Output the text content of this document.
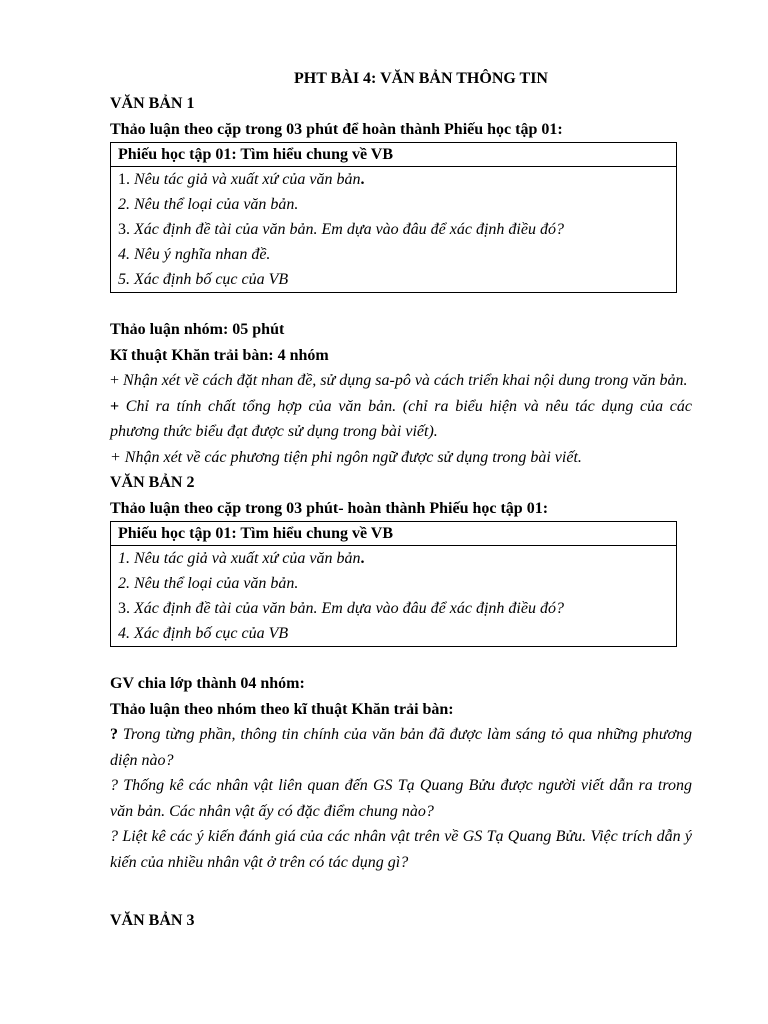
PHT BÀI 4: VĂN BẢN THÔNG TIN

VĂN BẢN 1

Thảo luận theo cặp trong 03 phút để hoàn thành Phiếu học tập 01:

Phiếu học tập 01: Tìm hiểu chung về VB
1. Nêu tác giả và xuất xứ của văn bản.
2. Nêu thể loại của văn bản.
3. Xác định đề tài của văn bản. Em dựa vào đâu để xác định điều đó?
4. Nêu ý nghĩa nhan đề.
5. Xác định bố cục của VB

Thảo luận nhóm: 05 phút

Kĩ thuật Khăn trải bàn: 4 nhóm

+ Nhận xét về cách đặt nhan đề, sử dụng sa-pô và cách triển khai nội dung trong văn bản.

+ Chỉ ra tính chất tổng hợp của văn bản. (chỉ ra biểu hiện và nêu tác dụng của các phương thức biểu đạt được sử dụng trong bài viết).

+ Nhận xét về các phương tiện phi ngôn ngữ được sử dụng trong bài viết.

VĂN BẢN 2

Thảo luận theo cặp trong 03 phút- hoàn thành Phiếu học tập 01:

Phiếu học tập 01: Tìm hiểu chung về VB
1. Nêu tác giả và xuất xứ của văn bản.
2. Nêu thể loại của văn bản.
3. Xác định đề tài của văn bản. Em dựa vào đâu để xác định điều đó?
4. Xác định bố cục của VB

GV chia lớp thành 04 nhóm:

Thảo luận theo nhóm theo kĩ thuật Khăn trải bàn:

? Trong từng phần, thông tin chính của văn bản đã được làm sáng tỏ qua những phương diện nào?

? Thống kê các nhân vật liên quan đến GS Tạ Quang Bửu được người viết dẫn ra trong văn bản. Các nhân vật ấy có đặc điểm chung nào?

? Liệt kê các ý kiến đánh giá của các nhân vật trên về GS Tạ Quang Bửu. Việc trích dẫn ý kiến của nhiều nhân vật ở trên có tác dụng gì?

VĂN BẢN 3
